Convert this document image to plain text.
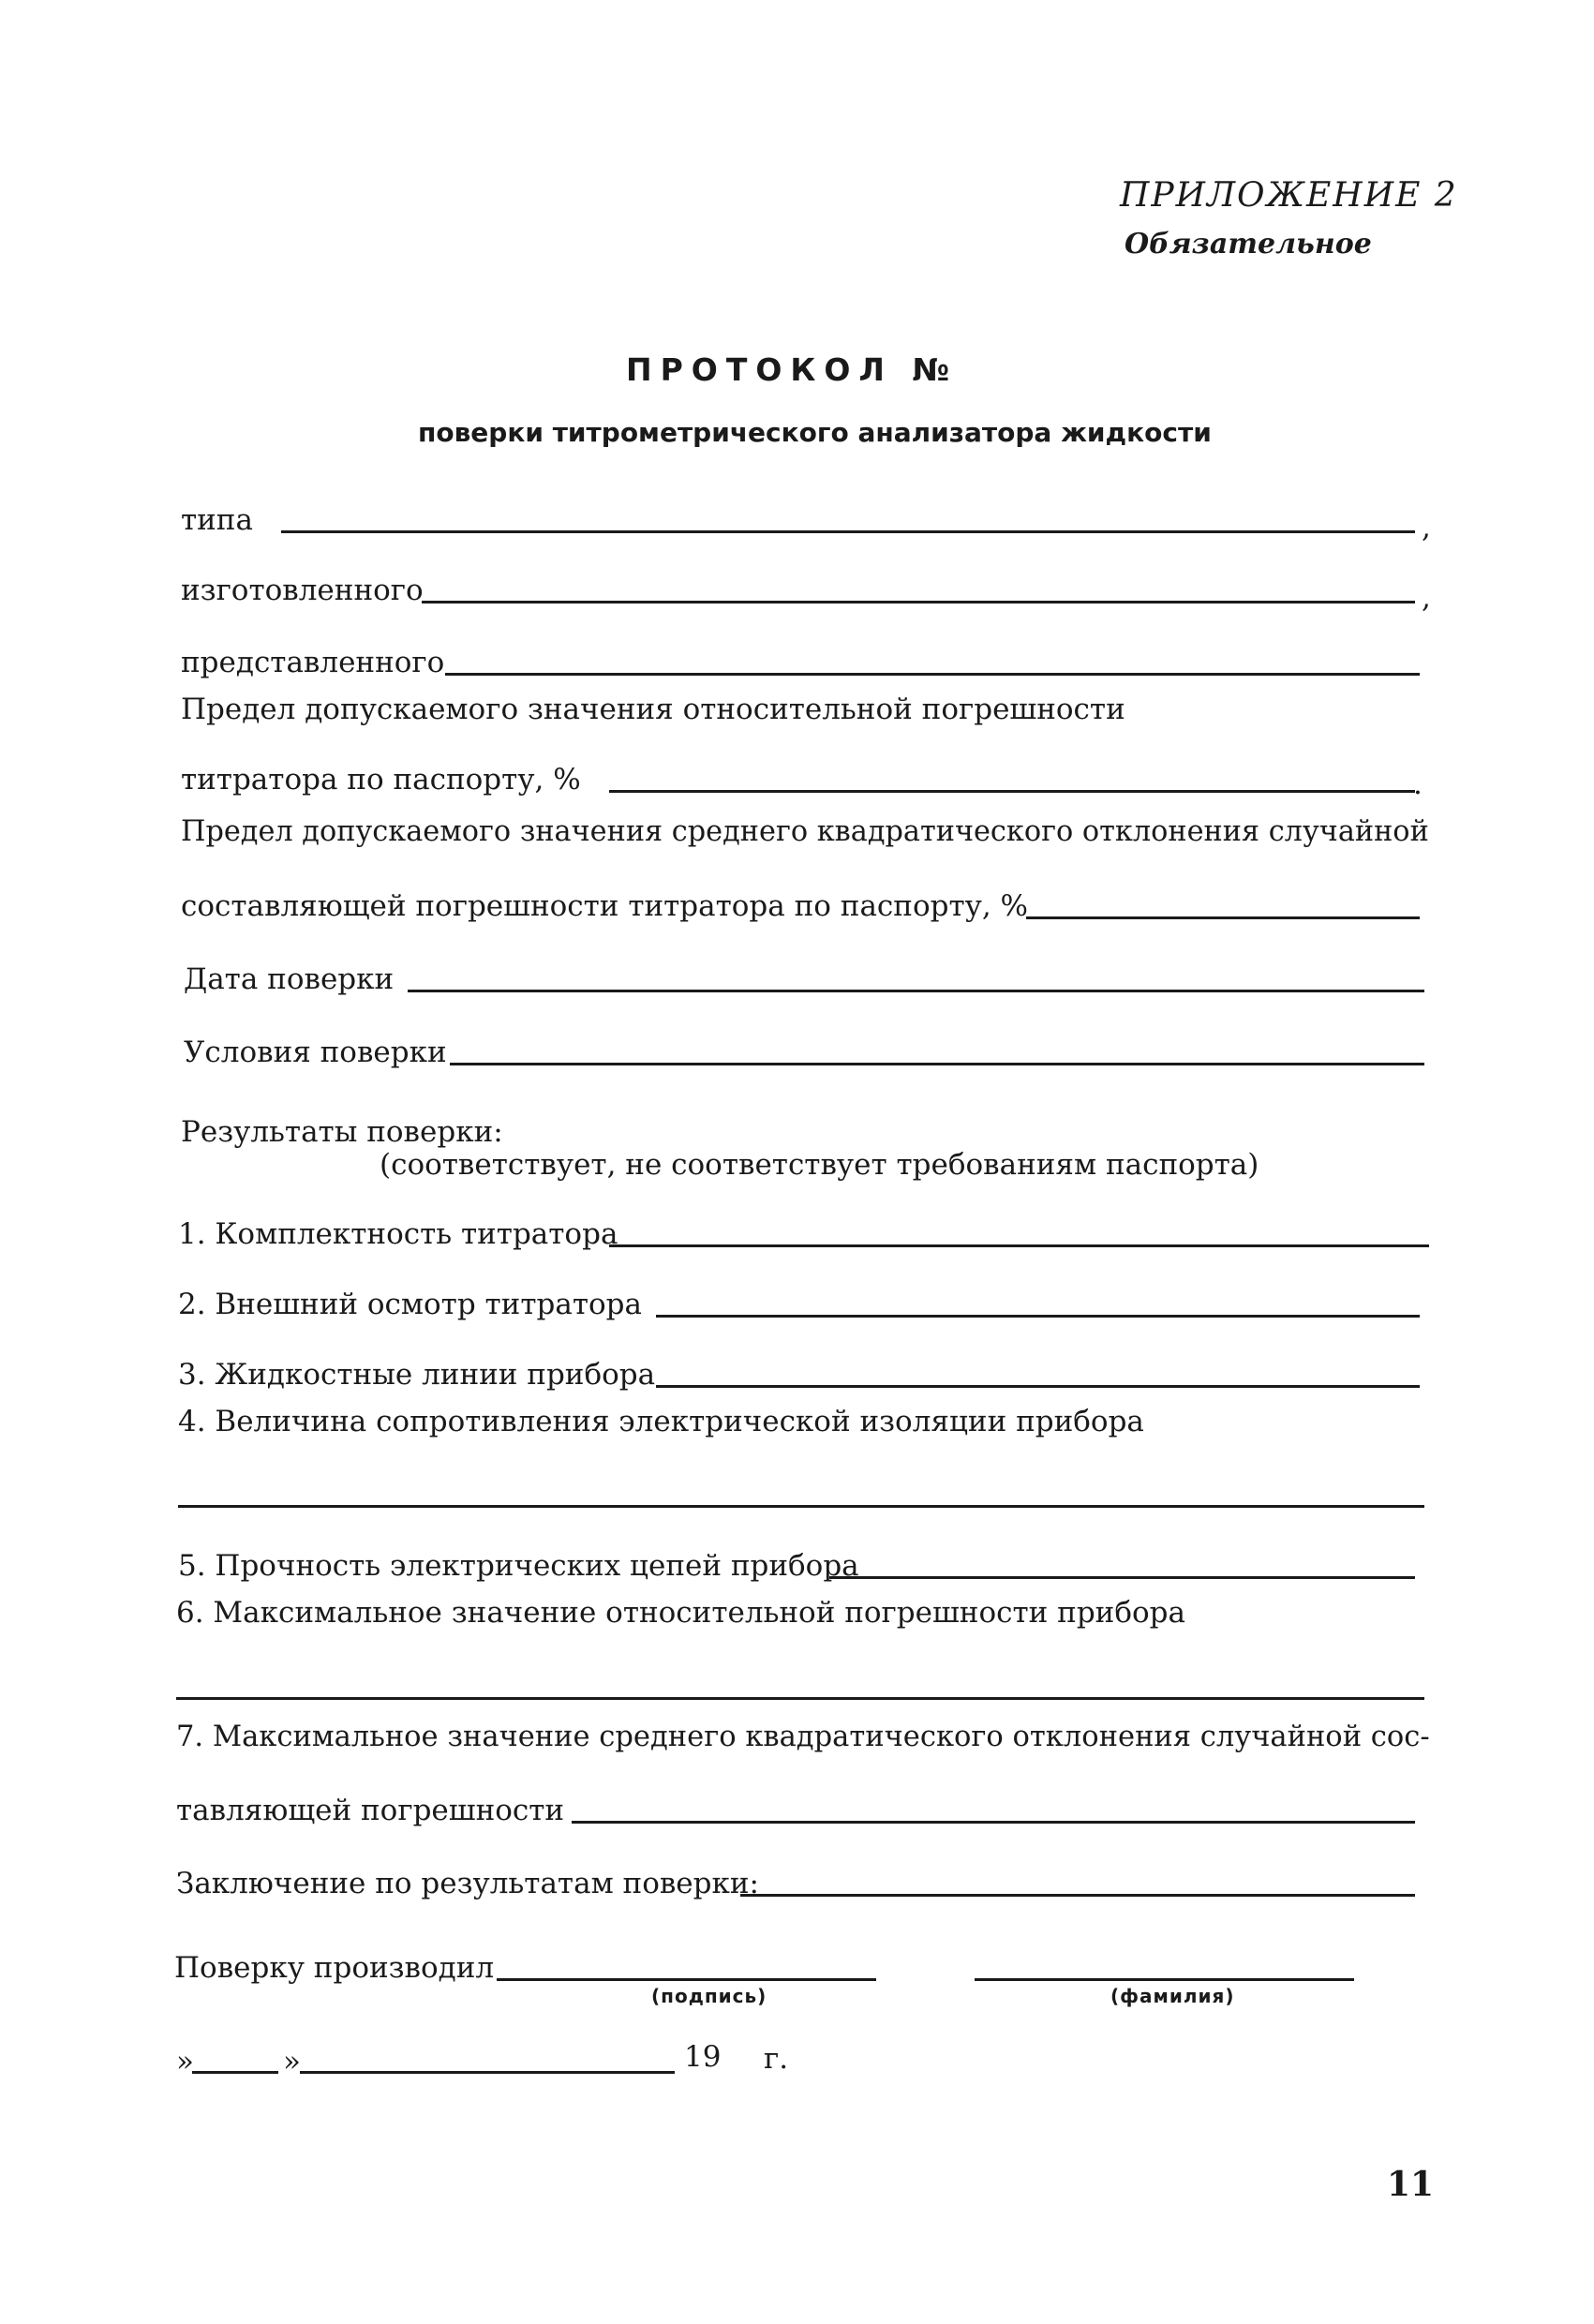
ПРИЛОЖЕНИЕ 2
Обязательное
ПРОТОКОЛ №
поверки титрометрического анализатора жидкости
типа	,
изготовленного	,
представленного
Предел допускаемого значения относительной погрешности
титратора по паспорту, %	.
Предел допускаемого значения среднего квадратического отклонения случайной
составляющей погрешности титратора по паспорту, %
Дата поверки
Условия поверки
Результаты поверки:
(соответствует, не соответствует требованиям паспорта)
1. Комплектность титратора
2. Внешний осмотр титратора
3. Жидкостные линии прибора
4. Величина сопротивления электрической изоляции прибора
5. Прочность электрических цепей прибора
6. Максимальное значение относительной погрешности прибора
7. Максимальное значение среднего квадратического отклонения случайной сос-
тавляющей погрешности
Заключение по результатам поверки:
Поверку производил
(подпись)	(фамилия)
»	»	19 г.
11
